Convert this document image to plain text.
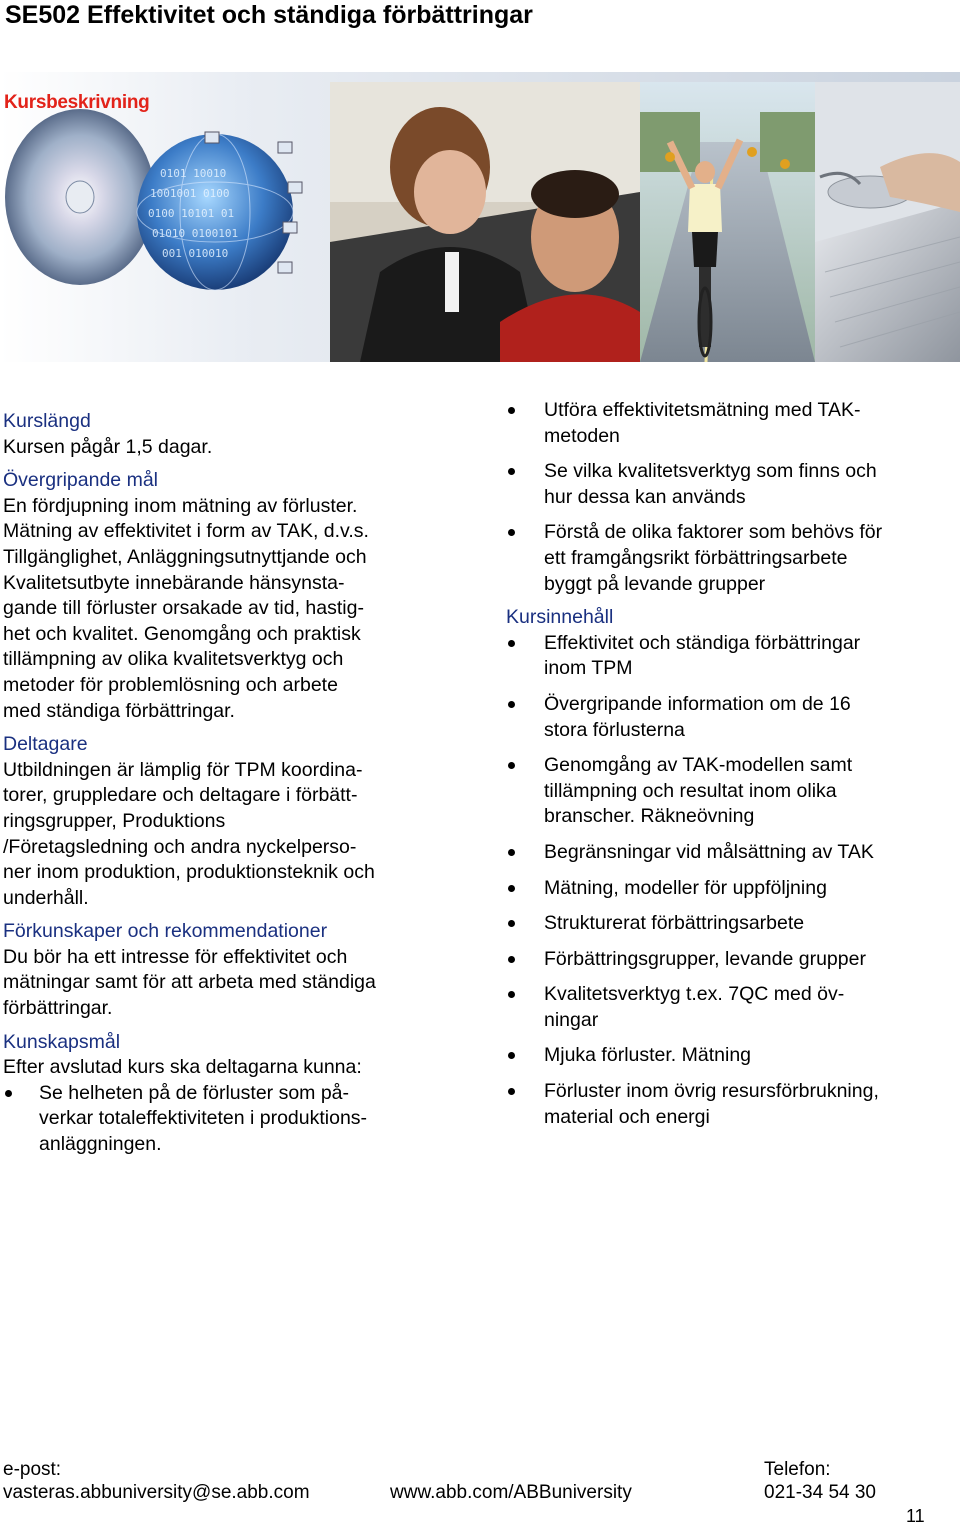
SE502 Effektivitet och ständiga förbättringar
0101 10010
1001001 0100
0100 10101 01
01010 0100101
001 010010
Kursbeskrivning
Kurslängd
Kursen pågår 1,5 dagar.
Övergripande mål
En fördjupning inom mätning av förluster.
Mätning av effektivitet i form av TAK, d.v.s.
Tillgänglighet, Anläggningsutnyttjande och
Kvalitetsutbyte innebärande hänsynsta-
gande till förluster orsakade av tid, hastig-
het och kvalitet. Genomgång och praktisk
tillämpning av olika kvalitetsverktyg och
metoder för problemlösning och arbete
med ständiga förbättringar.
Deltagare
Utbildningen är lämplig för TPM koordina-
torer, gruppledare och deltagare i förbätt-
ringsgrupper, Produktions
/Företagsledning och andra nyckelperso-
ner inom produktion, produktionsteknik och
underhåll.
Förkunskaper och rekommendationer
Du bör ha ett intresse för effektivitet och
mätningar samt för att arbeta med ständiga
förbättringar.
Kunskapsmål
Efter avslutad kurs ska deltagarna kunna:
Se helheten på de förluster som på-
verkar totaleffektiviteten i produktions-
anläggningen.
Utföra effektivitetsmätning med TAK-
metoden
Se vilka kvalitetsverktyg som finns och
hur dessa kan används
Förstå de olika faktorer som behövs för
ett framgångsrikt förbättringsarbete
byggt på levande grupper
Kursinnehåll
Effektivitet och ständiga förbättringar
inom TPM
Övergripande information om de 16
stora förlusterna
Genomgång av TAK-modellen samt
tillämpning och resultat inom olika
branscher. Räkneövning
Begränsningar vid målsättning av TAK
Mätning, modeller för uppföljning
Strukturerat förbättringsarbete
Förbättringsgrupper, levande grupper
Kvalitetsverktyg t.ex. 7QC med öv-
ningar
Mjuka förluster. Mätning
Förluster inom övrig resursförbrukning,
material och energi
e-post:
vasteras.abbuniversity@se.abb.com	www.abb.com/ABBuniversity
Telefon:
021-34 54 30
11
